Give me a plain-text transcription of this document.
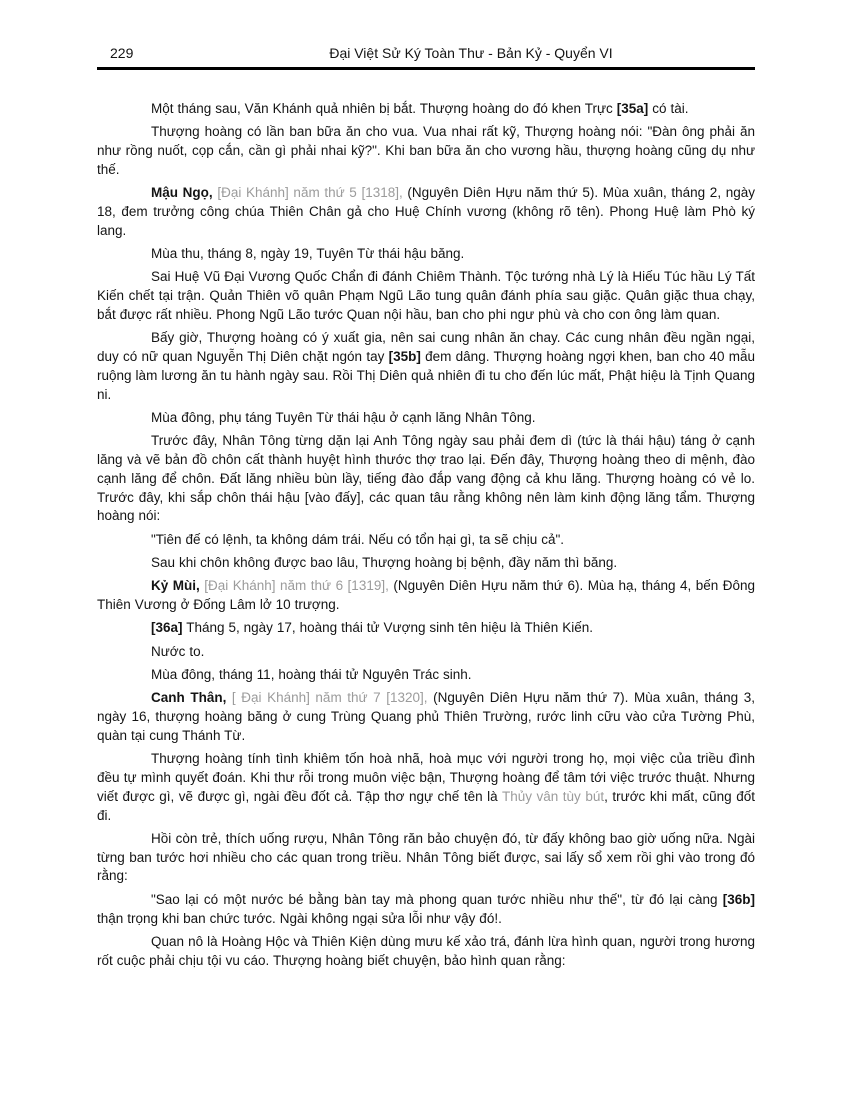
229	Đại Việt Sử Ký Toàn Thư - Bản Kỷ - Quyển VI

Một tháng sau, Văn Khánh quả nhiên bị bắt. Thượng hoàng do đó khen Trực [35a] có tài.

Thượng hoàng có lần ban bữa ăn cho vua. Vua nhai rất kỹ, Thượng hoàng nói: "Đàn ông phải ăn như rồng nuốt, cọp cắn, cần gì phải nhai kỹ?". Khi ban bữa ăn cho vương hầu, thượng hoàng cũng dụ như thế.

Mậu Ngọ, [Đại Khánh] năm thứ 5 [1318], (Nguyên Diên Hựu năm thứ 5). Mùa xuân, tháng 2, ngày 18, đem trưởng công chúa Thiên Chân gả cho Huệ Chính vương (không rõ tên). Phong Huệ làm Phò ký lang.

Mùa thu, tháng 8, ngày 19, Tuyên Từ thái hậu băng.

Sai Huệ Vũ Đại Vương Quốc Chẩn đi đánh Chiêm Thành. Tộc tướng nhà Lý là Hiếu Túc hầu Lý Tất Kiến chết tại trận. Quản Thiên võ quân Phạm Ngũ Lão tung quân đánh phía sau giặc. Quân giặc thua chạy, bắt được rất nhiều. Phong Ngũ Lão tước Quan nội hầu, ban cho phi ngư phù và cho con ông làm quan.

Bấy giờ, Thượng hoàng có ý xuất gia, nên sai cung nhân ăn chay. Các cung nhân đều ngần ngại, duy có nữ quan Nguyễn Thị Diên chặt ngón tay [35b] đem dâng. Thượng hoàng ngợi khen, ban cho 40 mẫu ruộng làm lương ăn tu hành ngày sau. Rồi Thị Diên quả nhiên đi tu cho đến lúc mất, Phật hiệu là Tịnh Quang ni.

Mùa đông, phụ táng Tuyên Từ thái hậu ở cạnh lăng Nhân Tông.

Trước đây, Nhân Tông từng dặn lại Anh Tông ngày sau phải đem dì (tức là thái hậu) táng ở cạnh lăng và vẽ bản đồ chôn cất thành huyệt hình thước thợ trao lại. Đến đây, Thượng hoàng theo di mệnh, đào cạnh lăng để chôn. Đất lăng nhiều bùn lầy, tiếng đào đắp vang động cả khu lăng. Thượng hoàng có vẻ lo. Trước đây, khi sắp chôn thái hậu [vào đấy], các quan tâu rằng không nên làm kinh động lăng tẩm. Thượng hoàng nói:

"Tiên đế có lệnh, ta không dám trái. Nếu có tổn hại gì, ta sẽ chịu cả".

Sau khi chôn không được bao lâu, Thượng hoàng bị bệnh, đầy năm thì băng.

Kỷ Mùi, [Đại Khánh] năm thứ 6 [1319], (Nguyên Diên Hựu năm thứ 6). Mùa hạ, tháng 4, bến Đông Thiên Vương ở Đống Lâm lở 10 trượng.

[36a] Tháng 5, ngày 17, hoàng thái tử Vượng sinh tên hiệu là Thiên Kiến.

Nước to.

Mùa đông, tháng 11, hoàng thái tử Nguyên Trác sinh.

Canh Thân, [ Đại Khánh] năm thứ 7 [1320], (Nguyên Diên Hựu năm thứ 7). Mùa xuân, tháng 3, ngày 16, thượng hoàng băng ở cung Trùng Quang phủ Thiên Trường, rước linh cữu vào cửa Tường Phù, quàn tại cung Thánh Từ.

Thượng hoàng tính tình khiêm tốn hoà nhã, hoà mục với người trong họ, mọi việc của triều đình đều tự mình quyết đoán. Khi thư rỗi trong muôn việc bận, Thượng hoàng để tâm tới việc trước thuật. Nhưng viết được gì, vẽ được gì, ngài đều đốt cả. Tập thơ ngự chế tên là Thủy vân tùy bút, trước khi mất, cũng đốt đi.

Hồi còn trẻ, thích uống rượu, Nhân Tông răn bảo chuyện đó, từ đấy không bao giờ uống nữa. Ngài từng ban tước hơi nhiều cho các quan trong triều. Nhân Tông biết được, sai lấy sổ xem rồi ghi vào trong đó rằng:

"Sao lại có một nước bé bằng bàn tay mà phong quan tước nhiều như thế", từ đó lại càng [36b] thận trọng khi ban chức tước. Ngài không ngại sửa lỗi như vậy đó!.

Quan nô là Hoàng Hộc và Thiên Kiện dùng mưu kế xảo trá, đánh lừa hình quan, người trong hương rốt cuộc phải chịu tội vu cáo. Thượng hoàng biết chuyện, bảo hình quan rằng:
